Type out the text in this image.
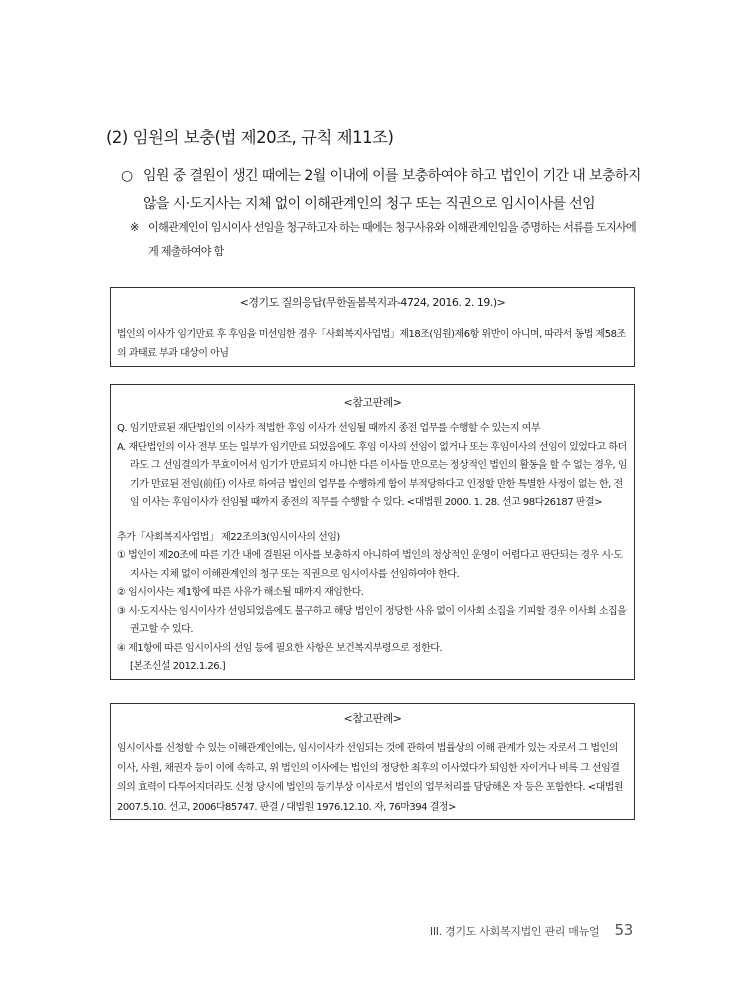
(2) 임원의 보충(법 제20조, 규칙 제11조)
○ 임원 중 결원이 생긴 때에는 2월 이내에 이를 보충하여야 하고 법인이 기간 내 보충하지 않을 시·도지사는 지체 없이 이해관계인의 청구 또는 직권으로 임시이사를 선임
※ 이해관계인이 임시이사 선임을 청구하고자 하는 때에는 청구사유와 이해관계인임을 증명하는 서류를 도지사에게 제출하여야 함
<경기도 질의응답(무한돌봄복지과-4724, 2016. 2. 19.)>
법인의 이사가 임기만료 후 후임을 미선임한 경우「사회복지사업법」제18조(임원)제6항 위반이 아니며, 따라서 동법 제58조의 과태료 부과 대상이 아님
<참고판례>
Q. 임기만료된 재단법인의 이사가 적법한 후임 이사가 선임될 때까지 종전 업무를 수행할 수 있는지 여부
A. 재단법인의 이사 전부 또는 일부가 임기만료 되었음에도 후임 이사의 선임이 없거나 또는 후임이사의 선임이 있었다고 하더라도 그 선임결의가 무효이어서 임기가 만료되지 아니한 다른 이사들 만으로는 정상적인 법인의 활동을 할 수 없는 경우, 임기가 만료된 전임(前任) 이사로 하여금 법인의 업무를 수행하게 함이 부적당하다고 인정할 만한 특별한 사정이 없는 한, 전임 이사는 후임이사가 선임될 때까지 종전의 직무를 수행할 수 있다. <대법원 2000. 1. 28. 선고 98다26187 판결>
추가「사회복지사업법」 제22조의3(임시이사의 선임)
① 법인이 제20조에 따른 기간 내에 결원된 이사를 보충하지 아니하여 법인의 정상적인 운영이 어렵다고 판단되는 경우 시·도지사는 지체 없이 이해관계인의 청구 또는 직권으로 임시이사를 선임하여야 한다.
② 임시이사는 제1항에 따른 사유가 해소될 때까지 재임한다.
③ 시·도지사는 임시이사가 선임되었음에도 불구하고 해당 법인이 정당한 사유 없이 이사회 소집을 기피할 경우 이사회 소집을 권고할 수 있다.
④ 제1항에 따른 임시이사의 선임 등에 필요한 사항은 보건복지부령으로 정한다.
[본조신설 2012.1.26.]
<참고판례>
임시이사를 신청할 수 있는 이해관계인에는, 임시이사가 선임되는 것에 관하여 법률상의 이해 관계가 있는 자로서 그 법인의 이사, 사원, 채권자 등이 이에 속하고, 위 법인의 이사에는 법인의 정당한 최후의 이사였다가 퇴임한 자이거나 비록 그 선임결의의 효력이 다투어지더라도 신청 당시에 법인의 등기부상 이사로서 법인의 업무처리를 담당해온 자 등은 포함한다. <대법원 2007.5.10. 선고, 2006다85747. 판결 / 대법원 1976.12.10. 자, 76마394 결정>
III. 경기도 사회복지법인 관리 매뉴얼 53
